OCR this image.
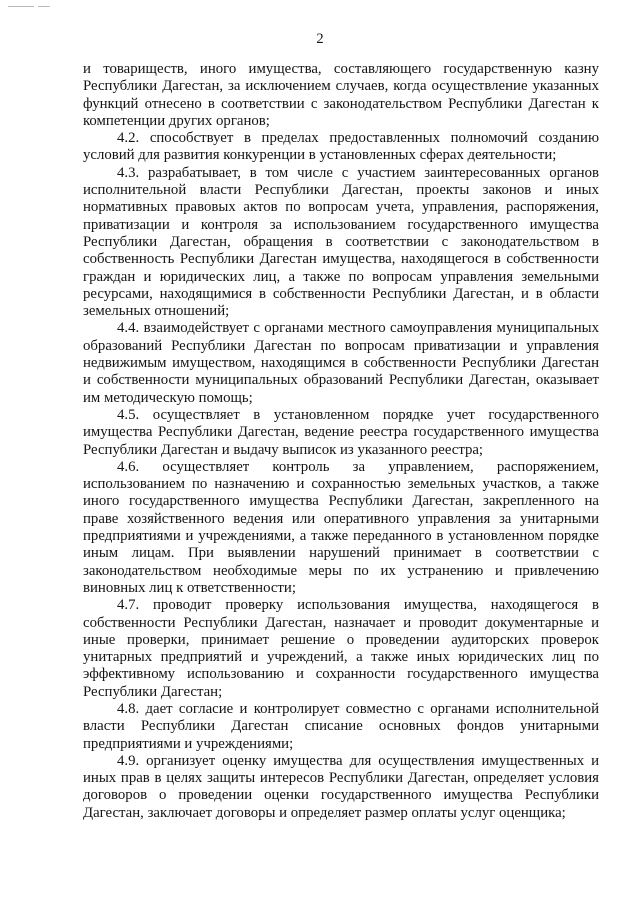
2

и товариществ, иного имущества, составляющего государственную казну Республики Дагестан, за исключением случаев, когда осуществление указанных функций отнесено в соответствии с законодательством Республики Дагестан к компетенции других органов;

4.2. способствует в пределах предоставленных полномочий созданию условий для развития конкуренции в установленных сферах деятельности;

4.3. разрабатывает, в том числе с участием заинтересованных органов исполнительной власти Республики Дагестан, проекты законов и иных нормативных правовых актов по вопросам учета, управления, распоряжения, приватизации и контроля за использованием государственного имущества Республики Дагестан, обращения в соответствии с законодательством в собственность Республики Дагестан имущества, находящегося в собственности граждан и юридических лиц, а также по вопросам управления земельными ресурсами, находящимися в собственности Республики Дагестан, и в области земельных отношений;

4.4. взаимодействует с органами местного самоуправления муниципальных образований Республики Дагестан по вопросам приватизации и управления недвижимым имуществом, находящимся в собственности Республики Дагестан и собственности муниципальных образований Республики Дагестан, оказывает им методическую помощь;

4.5. осуществляет в установленном порядке учет государственного имущества Республики Дагестан, ведение реестра государственного имущества Республики Дагестан и выдачу выписок из указанного реестра;

4.6. осуществляет контроль за управлением, распоряжением, использованием по назначению и сохранностью земельных участков, а также иного государственного имущества Республики Дагестан, закрепленного на праве хозяйственного ведения или оперативного управления за унитарными предприятиями и учреждениями, а также переданного в установленном порядке иным лицам. При выявлении нарушений принимает в соответствии с законодательством необходимые меры по их устранению и привлечению виновных лиц к ответственности;

4.7. проводит проверку использования имущества, находящегося в собственности Республики Дагестан, назначает и проводит документарные и иные проверки, принимает решение о проведении аудиторских проверок унитарных предприятий и учреждений, а также иных юридических лиц по эффективному использованию и сохранности государственного имущества Республики Дагестан;

4.8. дает согласие и контролирует совместно с органами исполнительной власти Республики Дагестан списание основных фондов унитарными предприятиями и учреждениями;

4.9. организует оценку имущества для осуществления имущественных и иных прав в целях защиты интересов Республики Дагестан, определяет условия договоров о проведении оценки государственного имущества Республики Дагестан, заключает договоры и определяет размер оплаты услуг оценщика;
